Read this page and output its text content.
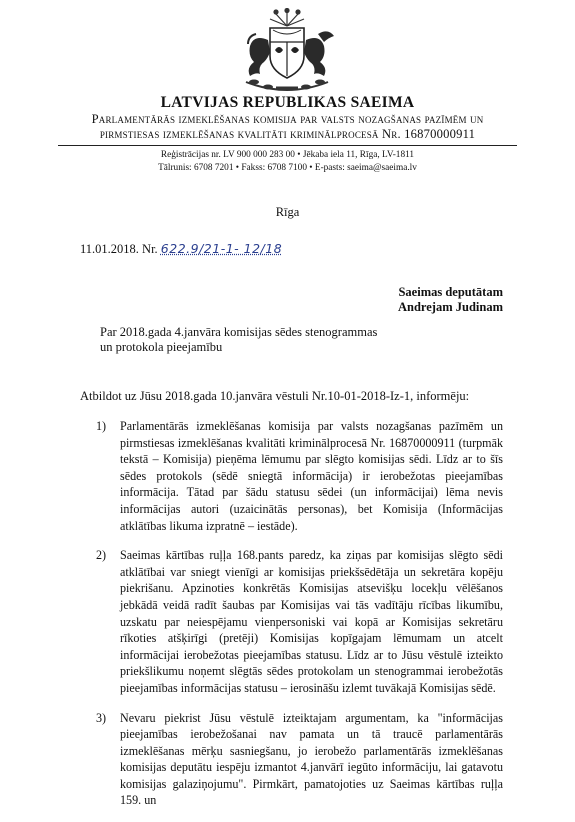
LATVIJAS REPUBLIKAS SAEIMA
Parlamentārās izmeklēšanas komisija par valsts nozagšanas pazīmēm un
pirmstiesas izmeklēšanas kvalitāti kriminālprocesā Nr. 16870000911
Reģistrācijas nr. LV 900 000 283 00 • Jēkaba iela 11, Rīga, LV-1811
Tālrunis: 6708 7201 • Fakss: 6708 7100 • E-pasts: saeima@saeima.lv
Rīga
11.01.2018. Nr. 622.9/21-1- 12/18
Saeimas deputātam
Andrejam Judinam
Par 2018.gada 4.janvāra komisijas sēdes stenogrammas
un protokola pieejamību
Atbildot uz Jūsu 2018.gada 10.janvāra vēstuli Nr.10-01-2018-Iz-1, informēju:
1) Parlamentārās izmeklēšanas komisija par valsts nozagšanas pazīmēm un pirmstiesas izmeklēšanas kvalitāti kriminālprocesā Nr. 16870000911 (turpmāk tekstā – Komisija) pieņēma lēmumu par slēgto komisijas sēdi. Līdz ar to šīs sēdes protokols (sēdē sniegtā informācija) ir ierobežotas pieejamības informācija. Tātad par šādu statusu sēdei (un informācijai) lēma nevis informācijas autori (uzaicinātās personas), bet Komisija (Informācijas atklātības likuma izpratnē – iestāde).
2) Saeimas kārtības ruļļa 168.pants paredz, ka ziņas par komisijas slēgto sēdi atklātībai var sniegt vienīgi ar komisijas priekšsēdētāja un sekretāra kopēju piekrišanu. Apzinoties konkrētās Komisijas atsevišķu locekļu vēlēšanos jebkādā veidā radīt šaubas par Komisijas vai tās vadītāju rīcības likumību, uzskatu par neiespējamu vienpersoniski vai kopā ar Komisijas sekretāru rīkoties atšķirīgi (pretēji) Komisijas kopīgajam lēmumam un atcelt informācijai ierobežotas pieejamības statusu. Līdz ar to Jūsu vēstulē izteikto priekšlikumu noņemt slēgtās sēdes protokolam un stenogrammai ierobežotās pieejamības informācijas statusu – ierosināšu izlemt tuvākajā Komisijas sēdē.
3) Nevaru piekrist Jūsu vēstulē izteiktajam argumentam, ka "informācijas pieejamības ierobežošanai nav pamata un tā traucē parlamentārās izmeklēšanas mērķu sasniegšanu, jo ierobežo parlamentārās izmeklēšanas komisijas deputātu iespēju izmantot 4.janvārī iegūto informāciju, lai gatavotu komisijas galaziņojumu". Pirmkārt, pamatojoties uz Saeimas kārtības ruļļa 159. un
